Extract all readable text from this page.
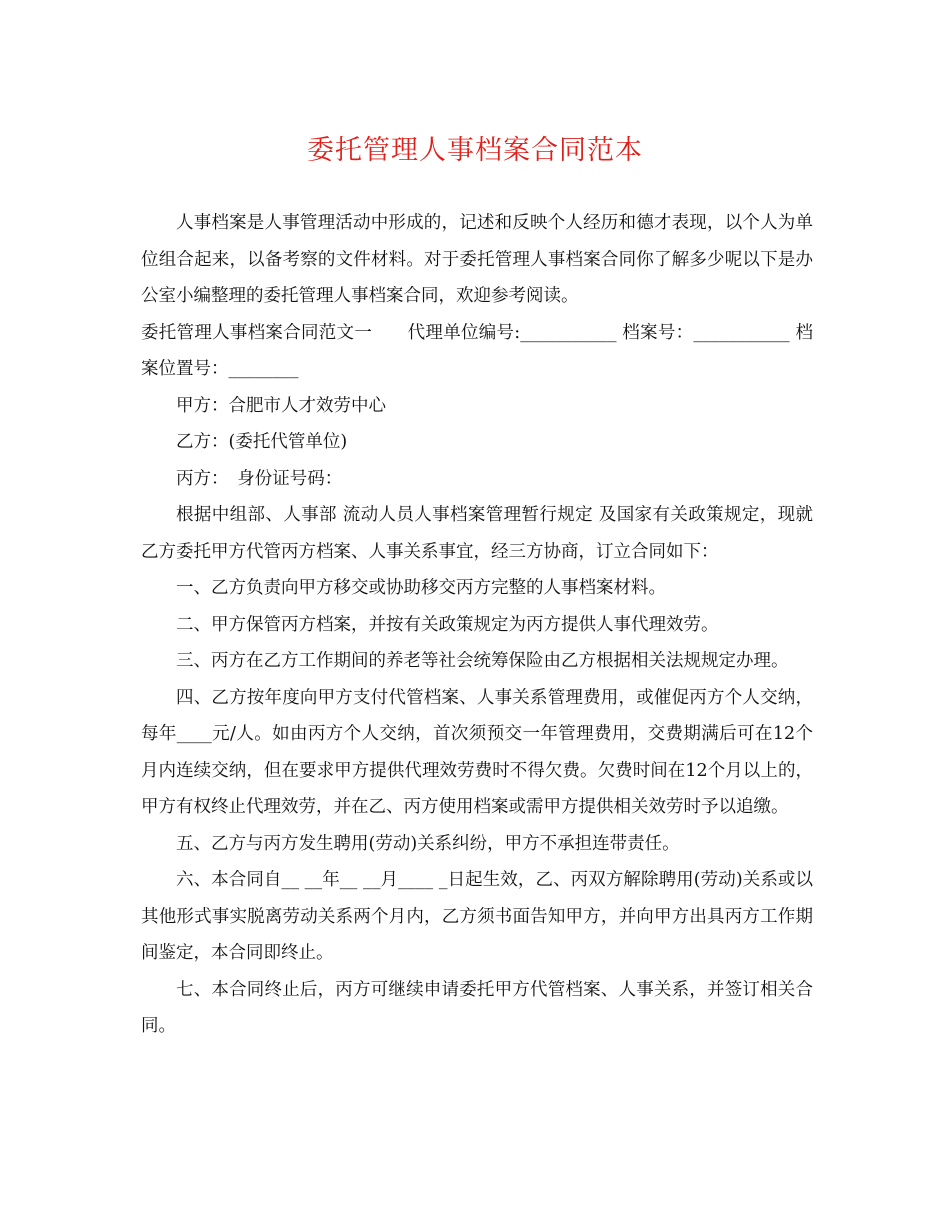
委托管理人事档案合同范本

人事档案是人事管理活动中形成的，记述和反映个人经历和德才表现，以个人为单位组合起来，以备考察的文件材料。对于委托管理人事档案合同你了解多少呢以下是办公室小编整理的委托管理人事档案合同，欢迎参考阅读。

委托管理人事档案合同范文一　　代理单位编号:___________ 档案号：___________ 档案位置号：________

甲方：合肥市人才效劳中心

乙方：(委托代管单位)

丙方：　身份证号码：

根据中组部、人事部 流动人员人事档案管理暂行规定 及国家有关政策规定，现就乙方委托甲方代管丙方档案、人事关系事宜，经三方协商，订立合同如下：

一、乙方负责向甲方移交或协助移交丙方完整的人事档案材料。

二、甲方保管丙方档案，并按有关政策规定为丙方提供人事代理效劳。

三、丙方在乙方工作期间的养老等社会统筹保险由乙方根据相关法规规定办理。

四、乙方按年度向甲方支付代管档案、人事关系管理费用，或催促丙方个人交纳，每年____元/人。如由丙方个人交纳，首次须预交一年管理费用，交费期满后可在12个月内连续交纳，但在要求甲方提供代理效劳费时不得欠费。欠费时间在12个月以上的，甲方有权终止代理效劳，并在乙、丙方使用档案或需甲方提供相关效劳时予以追缴。

五、乙方与丙方发生聘用(劳动)关系纠纷，甲方不承担连带责任。

六、本合同自__ __年__ __月____ _日起生效，乙、丙双方解除聘用(劳动)关系或以其他形式事实脱离劳动关系两个月内，乙方须书面告知甲方，并向甲方出具丙方工作期间鉴定，本合同即终止。

七、本合同终止后，丙方可继续申请委托甲方代管档案、人事关系，并签订相关合同。
